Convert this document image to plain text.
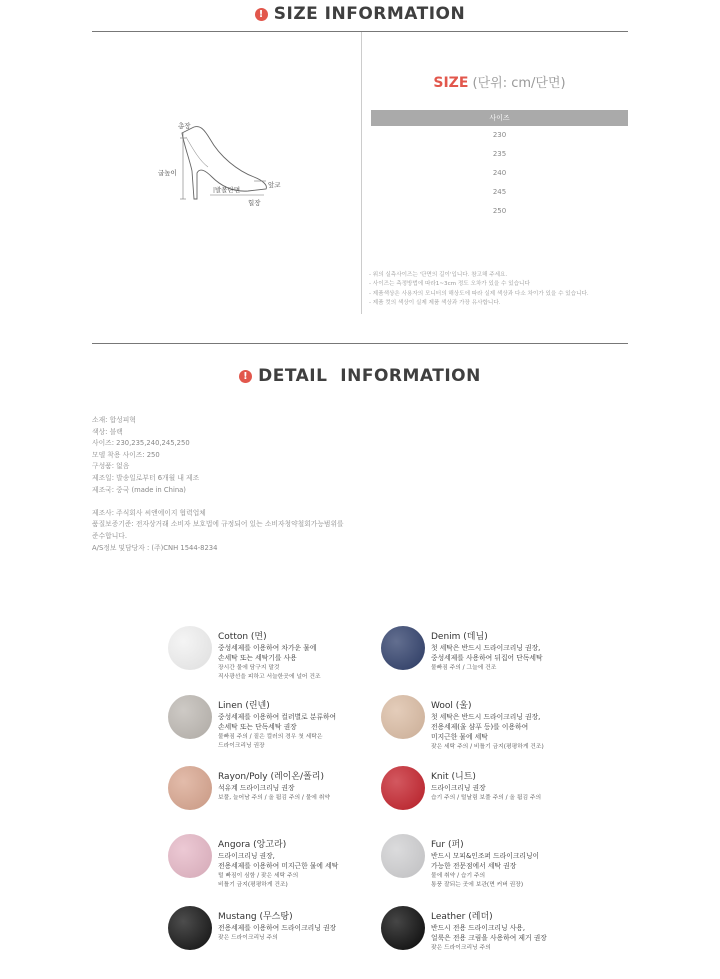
! SIZE INFORMATION
총장
굽높이
발볼단면
앞코
힐장
SIZE (단위: cm/단면)
사이즈
230
235
240
245
250
- 위의 실측사이즈는 '단면의 길이'입니다. 참고해 주세요.
- 사이즈는 측정방법에 따라1~3cm 정도 오차가 있을 수 있습니다
- 제품색상은 사용자의 모니터의 해상도에 따라 실제 색상과 다소 차이가 있을 수 있습니다.
- 제품 컷의 색상이 실제 제품 색상과 가장 유사합니다.
! DETAIL  INFORMATION
소재: 합성피혁
색상: 블랙
사이즈: 230,235,240,245,250
모델 착용 사이즈: 250
구성품: 없음
제조일: 발송일로부터 6개월 내 제조
제조국: 중국 (made in China)
제조사: 주식회사 씨앤에이지 협력업체
품질보증기준: 전자상거래 소비자 보호법에 규정되어 있는 소비자청약철회가능범위를
준수합니다.
A/S정보 및담당자 : (주)CNH 1544-8234
Cotton (면)
중성세제를 이용하여 차가운 물에
손세탁 또는 세탁기를 사용
장시간 물에 담구지 말것
직사광선을 피하고 서늘한곳에 널어 건조
Denim (데님)
첫 세탁은 반드시 드라이크리닝 권장,
중성세제를 사용하여 뒤집어 단독세탁
물빠짐 주의 / 그늘에 건조
Linen (린넨)
중성세제를 이용하여 컬러별로 분류하여
손세탁 또는 단독세탁 권장
물빠짐 주의 / 짙은 컬러의 경우 첫 세탁은
드라이크리닝 권장
Wool (울)
첫 세탁은 반드시 드라이크리닝 권장,
전용세제(울 샴푸 등)를 이용하여
미지근한 물에 세탁
잦은 세탁 주의 / 비틀기 금지(평평하게 건조)
Rayon/Poly (레이온/폴리)
석유계 드라이크리닝 권장
보풀, 늘어남 주의 / 올 튐김 주의 / 물에 취약
Knit (니트)
드라이크리닝 권장
습기 주의 / 털날림 보풀 주의 / 올 튐김 주의
Angora (앙고라)
드라이크리닝 권장,
전용세제를 이용하여 미지근한 물에 세탁
털 빠짐이 심함 / 잦은 세탁 주의
비틀기 금지(평평하게 건조)
Fur (퍼)
반드시 모피&인조퍼 드라이크리닝이
가능한 전문점에서 세탁 권장
물에 취약 / 습기 주의
통풍 잘되는 곳에 보관(면 커버 권장)
Mustang (무스탕)
전용세제를 이용하여 드라이크리닝 권장
잦은 드라이크리닝 주의
Leather (레더)
반드시 전용 드라이크리닝 사용,
얼룩은 전용 크림을 사용하여 제거 권장
잦은 드라이크리닝 주의
